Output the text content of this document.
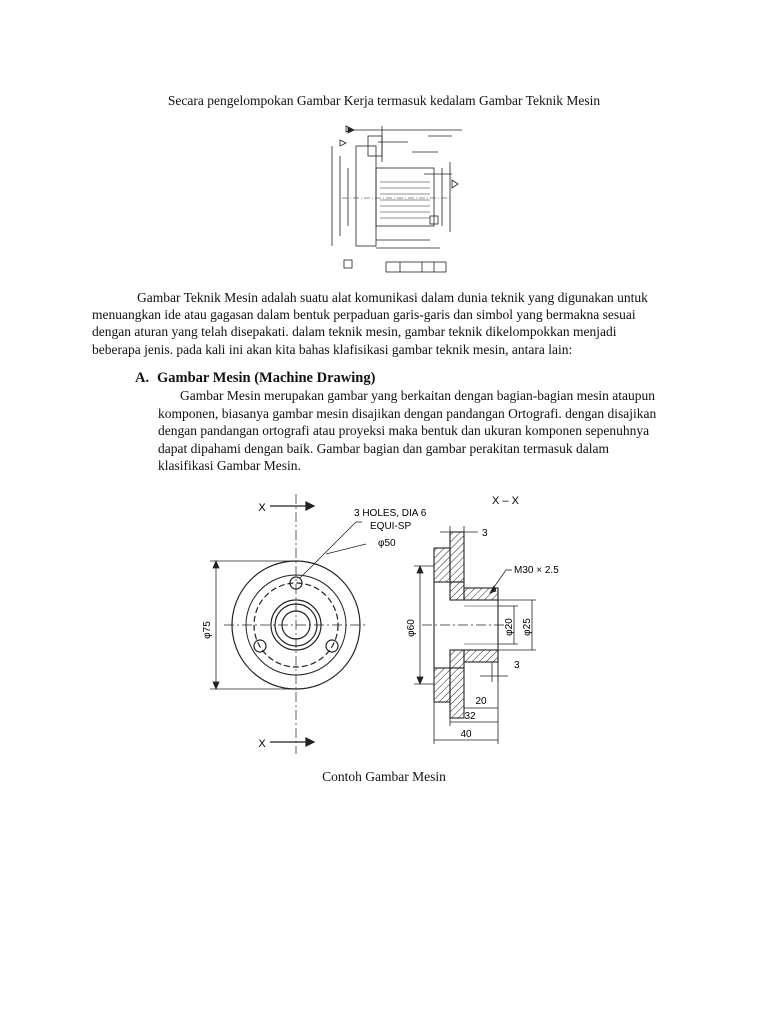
Secara pengelompokan Gambar Kerja termasuk kedalam Gambar Teknik Mesin
Gambar Teknik Mesin adalah suatu alat komunikasi dalam dunia teknik yang digunakan untuk
menuangkan ide atau gagasan dalam bentuk perpaduan garis-garis dan simbol yang bermakna sesuai
dengan aturan yang telah disepakati. dalam teknik mesin, gambar teknik dikelompokkan menjadi
beberapa jenis. pada kali ini akan kita bahas klafisikasi gambar teknik mesin, antara lain:
A. Gambar Mesin (Machine Drawing)
Gambar Mesin merupakan gambar yang berkaitan dengan bagian-bagian mesin ataupun
komponen, biasanya gambar mesin disajikan dengan pandangan Ortografi. dengan disajikan
dengan pandangan ortografi atau proyeksi maka bentuk dan ukuran komponen sepenuhnya
dapat dipahami dengan baik. Gambar bagian dan gambar perakitan termasuk dalam
klasifikasi Gambar Mesin.
X
X
φ75
3 HOLES, DIA 6
EQUI-SP
φ50
X – X
φ60
M30 × 2.5
φ20 φ25
3
3
20
32
40
Contoh Gambar Mesin
